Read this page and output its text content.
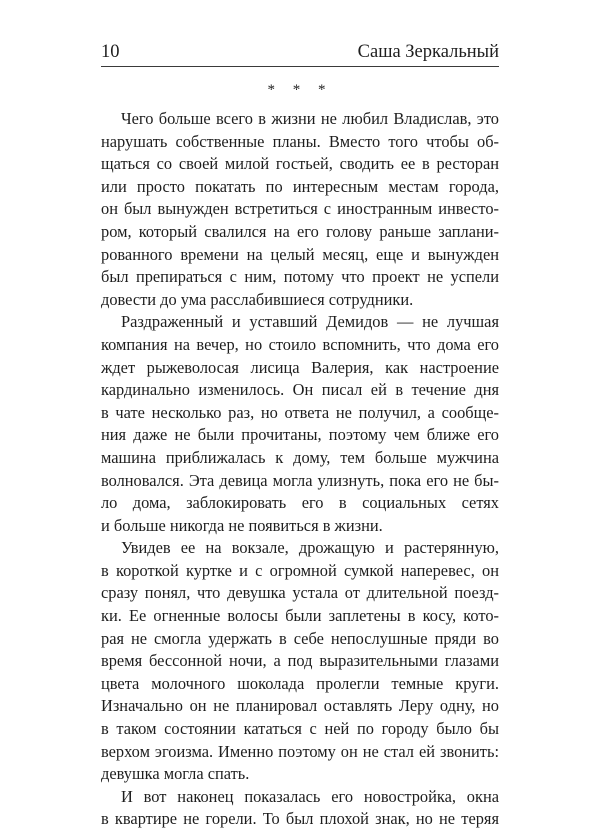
10	Саша Зеркальный
* * *
Чего больше всего в жизни не любил Владислав, это
нарушать собственные планы. Вместо того чтобы об-
щаться со своей милой гостьей, сводить ее в ресторан
или просто покатать по интересным местам города,
он был вынужден встретиться с иностранным инвесто-
ром, который свалился на его голову раньше заплани-
рованного времени на целый месяц, еще и вынужден
был препираться с ним, потому что проект не успели
довести до ума расслабившиеся сотрудники.
Раздраженный и уставший Демидов — не лучшая
компания на вечер, но стоило вспомнить, что дома его
ждет рыжеволосая лисица Валерия, как настроение
кардинально изменилось. Он писал ей в течение дня
в чате несколько раз, но ответа не получил, а сообще-
ния даже не были прочитаны, поэтому чем ближе его
машина приближалась к дому, тем больше мужчина
волновался. Эта девица могла улизнуть, пока его не бы-
ло дома, заблокировать его в социальных сетях
и больше никогда не появиться в жизни.
Увидев ее на вокзале, дрожащую и растерянную,
в короткой куртке и с огромной сумкой наперевес, он
сразу понял, что девушка устала от длительной поезд-
ки. Ее огненные волосы были заплетены в косу, кото-
рая не смогла удержать в себе непослушные пряди во
время бессонной ночи, а под выразительными глазами
цвета молочного шоколада пролегли темные круги.
Изначально он не планировал оставлять Леру одну, но
в таком состоянии кататься с ней по городу было бы
верхом эгоизма. Именно поэтому он не стал ей звонить:
девушка могла спать.
И вот наконец показалась его новостройка, окна
в квартире не горели. То был плохой знак, но не теряя
